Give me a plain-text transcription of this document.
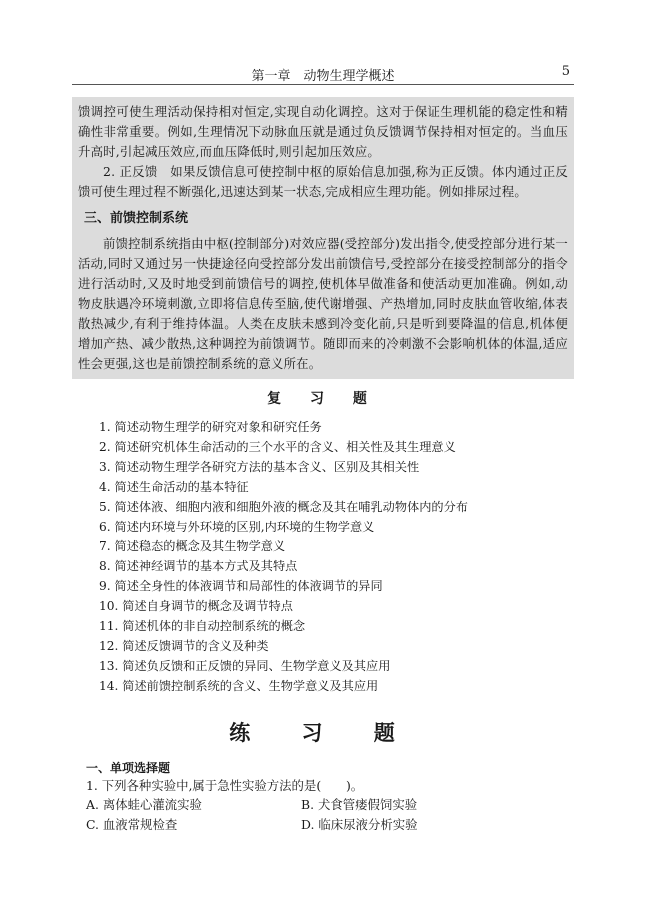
第一章　动物生理学概述	5

馈调控可使生理活动保持相对恒定,实现自动化调控。这对于保证生理机能的稳定性和精确性非常重要。例如,生理情况下动脉血压就是通过负反馈调节保持相对恒定的。当血压升高时,引起减压效应,而血压降低时,则引起加压效应。

2. 正反馈　如果反馈信息可使控制中枢的原始信息加强,称为正反馈。体内通过正反馈可使生理过程不断强化,迅速达到某一状态,完成相应生理功能。例如排尿过程。

三、前馈控制系统

前馈控制系统指由中枢(控制部分)对效应器(受控部分)发出指令,使受控部分进行某一活动,同时又通过另一快捷途径向受控部分发出前馈信号,受控部分在接受控制部分的指令进行活动时,又及时地受到前馈信号的调控,使机体早做准备和使活动更加准确。例如,动物皮肤遇冷环境刺激,立即将信息传至脑,使代谢增强、产热增加,同时皮肤血管收缩,体表散热减少,有利于维持体温。人类在皮肤未感到冷变化前,只是听到要降温的信息,机体便增加产热、减少散热,这种调控为前馈调节。随即而来的冷刺激不会影响机体的体温,适应性会更强,这也是前馈控制系统的意义所在。

复 习 题
1. 简述动物生理学的研究对象和研究任务
2. 简述研究机体生命活动的三个水平的含义、相关性及其生理意义
3. 简述动物生理学各研究方法的基本含义、区别及其相关性
4. 简述生命活动的基本特征
5. 简述体液、细胞内液和细胞外液的概念及其在哺乳动物体内的分布
6. 简述内环境与外环境的区别,内环境的生物学意义
7. 简述稳态的概念及其生物学意义
8. 简述神经调节的基本方式及其特点
9. 简述全身性的体液调节和局部性的体液调节的异同
10. 简述自身调节的概念及调节特点
11. 简述机体的非自动控制系统的概念
12. 简述反馈调节的含义及种类
13. 简述负反馈和正反馈的异同、生物学意义及其应用
14. 简述前馈控制系统的含义、生物学意义及其应用
练 习 题
一、单项选择题
1. 下列各种实验中,属于急性实验方法的是(　　)。
A. 离体蛙心灌流实验	B. 犬食管瘘假饲实验
C. 血液常规检查	D. 临床尿液分析实验
